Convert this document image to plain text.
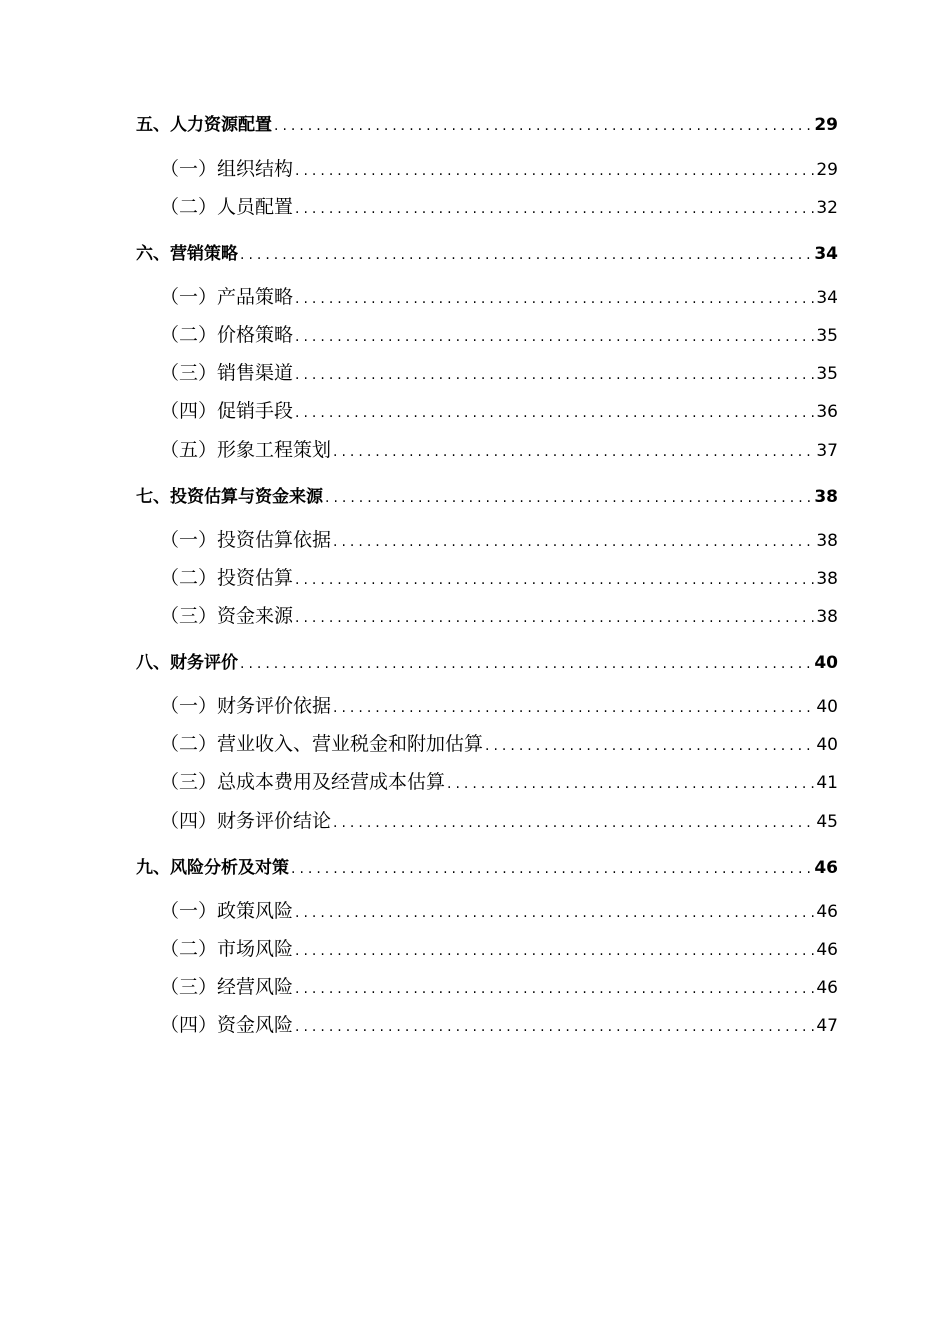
五、人力资源配置 .....	29
（一）组织结构 .....	29
（二）人员配置 .....	32
六、营销策略 .....	34
（一）产品策略 .....	34
（二）价格策略 .....	35
（三）销售渠道 .....	35
（四）促销手段 .....	36
（五）形象工程策划 .....	37
七、投资估算与资金来源 .....	38
（一）投资估算依据 .....	38
（二）投资估算 .....	38
（三）资金来源 .....	38
八、财务评价 .....	40
（一）财务评价依据 .....	40
（二）营业收入、营业税金和附加估算 .....	40
（三）总成本费用及经营成本估算 .....	41
（四）财务评价结论 .....	45
九、风险分析及对策 .....	46
（一）政策风险 .....	46
（二）市场风险 .....	46
（三）经营风险 .....	46
（四）资金风险 .....	47
